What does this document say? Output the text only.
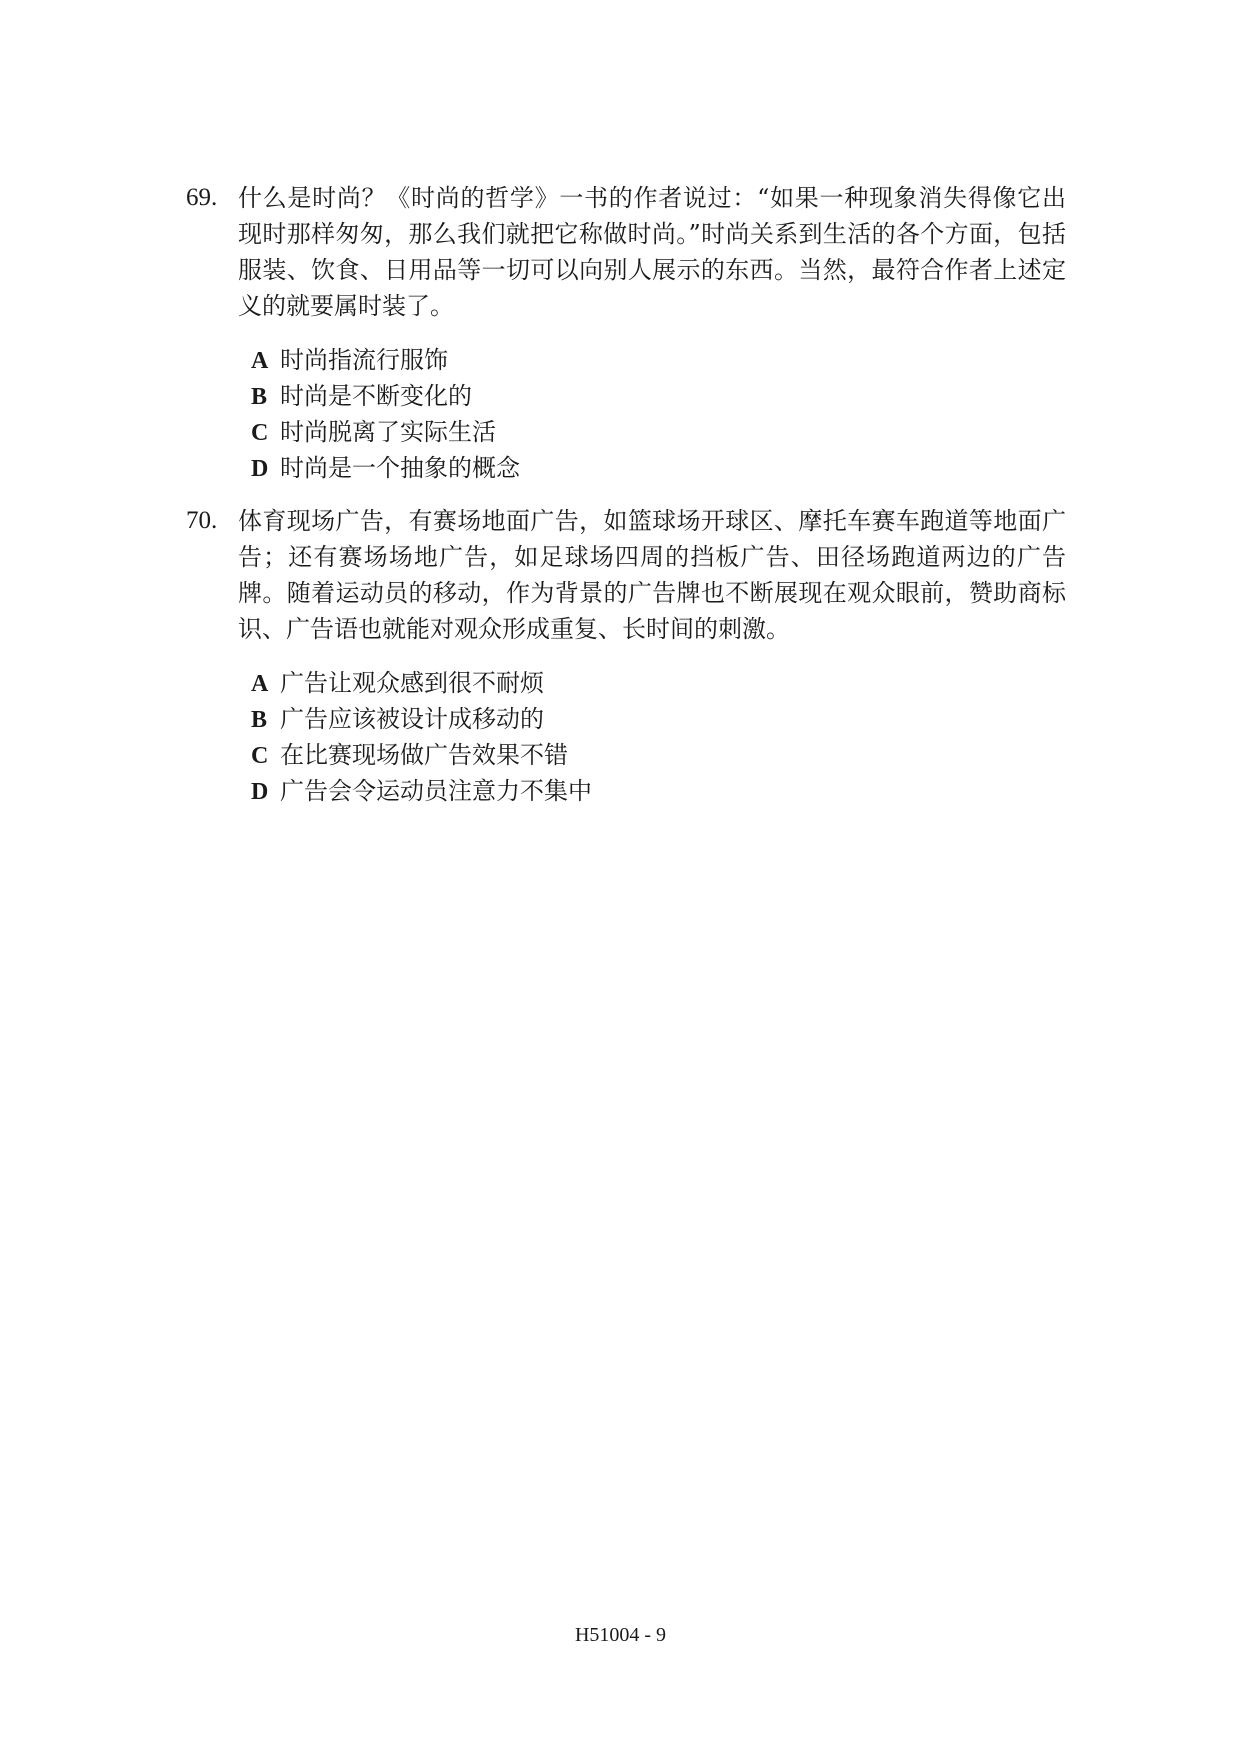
69. 什么是时尚？《时尚的哲学》一书的作者说过：“如果一种现象消失得像它出现时那样匆匆，那么我们就把它称做时尚。”时尚关系到生活的各个方面，包括服装、饮食、日用品等一切可以向别人展示的东西。当然，最符合作者上述定义的就要属时装了。
A 时尚指流行服饰
B 时尚是不断变化的
C 时尚脱离了实际生活
D 时尚是一个抽象的概念
70. 体育现场广告，有赛场地面广告，如篮球场开球区、摩托车赛车跑道等地面广告；还有赛场场地广告，如足球场四周的挡板广告、田径场跑道两边的广告牌。随着运动员的移动，作为背景的广告牌也不断展现在观众眼前，赞助商标识、广告语也就能对观众形成重复、长时间的刺激。
A 广告让观众感到很不耐烦
B 广告应该被设计成移动的
C 在比赛现场做广告效果不错
D 广告会令运动员注意力不集中
H51004 - 9
